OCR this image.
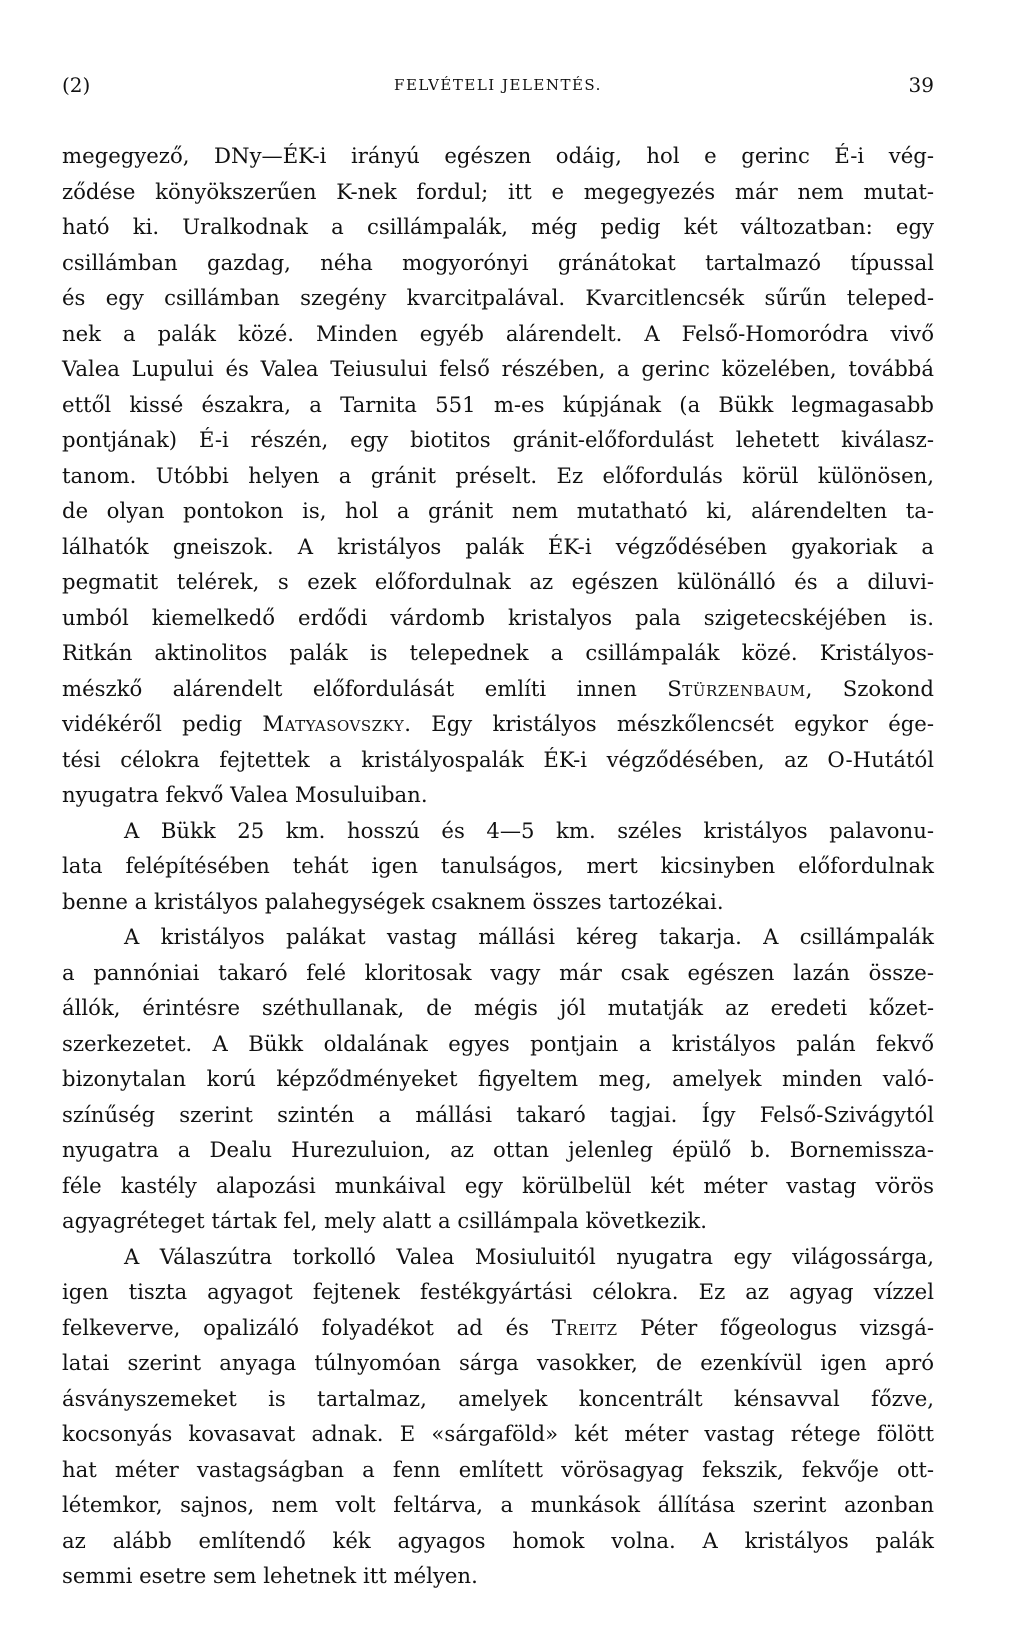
(2)	FELVÉTELI JELENTÉS.	39
megegyező, DNy—ÉK-i irányú egészen odáig, hol e gerinc É-i vég-
ződése könyökszerűen K-nek fordul; itt e megegyezés már nem mutat-
ható ki. Uralkodnak a csillámpalák, még pedig két változatban: egy
csillámban gazdag, néha mogyorónyi gránátokat tartalmazó típussal
és egy csillámban szegény kvarcitpalával. Kvarcitlencsék sűrűn teleped-
nek a palák közé. Minden egyéb alárendelt. A Felső-Homoródra vivő
Valea Lupului és Valea Teiusului felső részében, a gerinc közelében, továbbá
ettől kissé északra, a Tarnita 551 m-es kúpjának (a Bükk legmagasabb
pontjának) É-i részén, egy biotitos gránit-előfordulást lehetett kiválasz-
tanom. Utóbbi helyen a gránit préselt. Ez előfordulás körül különösen,
de olyan pontokon is, hol a gránit nem mutatható ki, alárendelten ta-
lálhatók gneiszok. A kristályos palák ÉK-i végződésében gyakoriak a
pegmatit telérek, s ezek előfordulnak az egészen különálló és a diluvi-
umból kiemelkedő erdődi várdomb kristalyos pala szigetecskéjében is.
Ritkán aktinolitos palák is telepednek a csillámpalák közé. Kristályos-
mészkő alárendelt előfordulását említi innen Stürzenbaum, Szokond
vidékéről pedig Matyasovszky. Egy kristályos mészkőlencsét egykor ége-
tési célokra fejtettek a kristályospalák ÉK-i végződésében, az O-Hutától
nyugatra fekvő Valea Mosuluiban.
A Bükk 25 km. hosszú és 4—5 km. széles kristályos palavonu-
lata felépítésében tehát igen tanulságos, mert kicsinyben előfordulnak
benne a kristályos palahegységek csaknem összes tartozékai.
A kristályos palákat vastag mállási kéreg takarja. A csillámpalák
a pannóniai takaró felé kloritosak vagy már csak egészen lazán össze-
állók, érintésre széthullanak, de mégis jól mutatják az eredeti kőzet-
szerkezetet. A Bükk oldalának egyes pontjain a kristályos palán fekvő
bizonytalan korú képződményeket figyeltem meg, amelyek minden való-
színűség szerint szintén a mállási takaró tagjai. Így Felső-Szivágytól
nyugatra a Dealu Hurezuluion, az ottan jelenleg épülő b. Bornemissza-
féle kastély alapozási munkáival egy körülbelül két méter vastag vörös
agyagréteget tártak fel, mely alatt a csillámpala következik.
A Válaszútra torkolló Valea Mosiuluitól nyugatra egy világossárga,
igen tiszta agyagot fejtenek festékgyártási célokra. Ez az agyag vízzel
felkeverve, opalizáló folyadékot ad és Treitz Péter főgeologus vizsgá-
latai szerint anyaga túlnyomóan sárga vasokker, de ezenkívül igen apró
ásványszemeket is tartalmaz, amelyek koncentrált kénsavval főzve,
kocsonyás kovasavat adnak. E «sárgaföld» két méter vastag rétege fölött
hat méter vastagságban a fenn említett vörösagyag fekszik, fekvője ott-
létemkor, sajnos, nem volt feltárva, a munkások állítása szerint azonban
az alább említendő kék agyagos homok volna. A kristályos palák
semmi esetre sem lehetnek itt mélyen.
